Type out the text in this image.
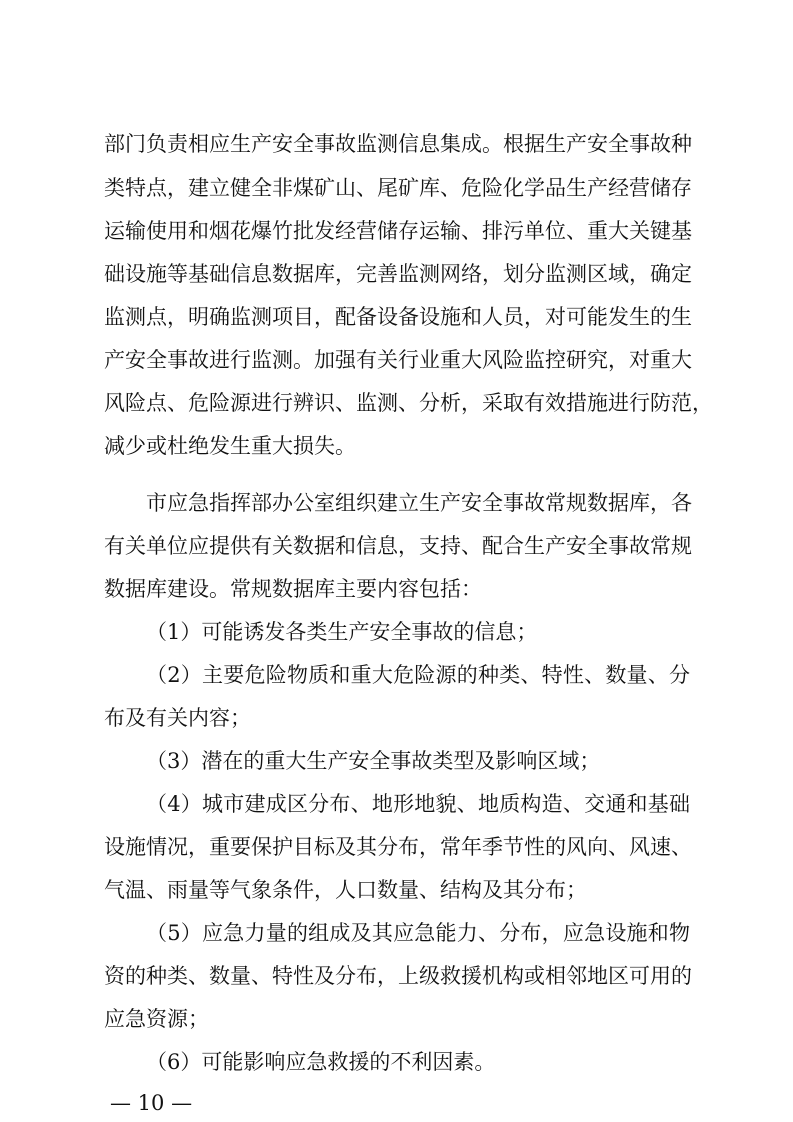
部门负责相应生产安全事故监测信息集成。根据生产安全事故种
类特点，建立健全非煤矿山、尾矿库、危险化学品生产经营储存
运输使用和烟花爆竹批发经营储存运输、排污单位、重大关键基
础设施等基础信息数据库，完善监测网络，划分监测区域，确定
监测点，明确监测项目，配备设备设施和人员，对可能发生的生
产安全事故进行监测。加强有关行业重大风险监控研究，对重大
风险点、危险源进行辨识、监测、分析，采取有效措施进行防范，
减少或杜绝发生重大损失。
市应急指挥部办公室组织建立生产安全事故常规数据库，各
有关单位应提供有关数据和信息，支持、配合生产安全事故常规
数据库建设。常规数据库主要内容包括：
（1）可能诱发各类生产安全事故的信息；
（2）主要危险物质和重大危险源的种类、特性、数量、分
布及有关内容；
（3）潜在的重大生产安全事故类型及影响区域；
（4）城市建成区分布、地形地貌、地质构造、交通和基础
设施情况，重要保护目标及其分布，常年季节性的风向、风速、
气温、雨量等气象条件，人口数量、结构及其分布；
（5）应急力量的组成及其应急能力、分布，应急设施和物
资的种类、数量、特性及分布，上级救援机构或相邻地区可用的
应急资源；
（6）可能影响应急救援的不利因素。
— 10 —
